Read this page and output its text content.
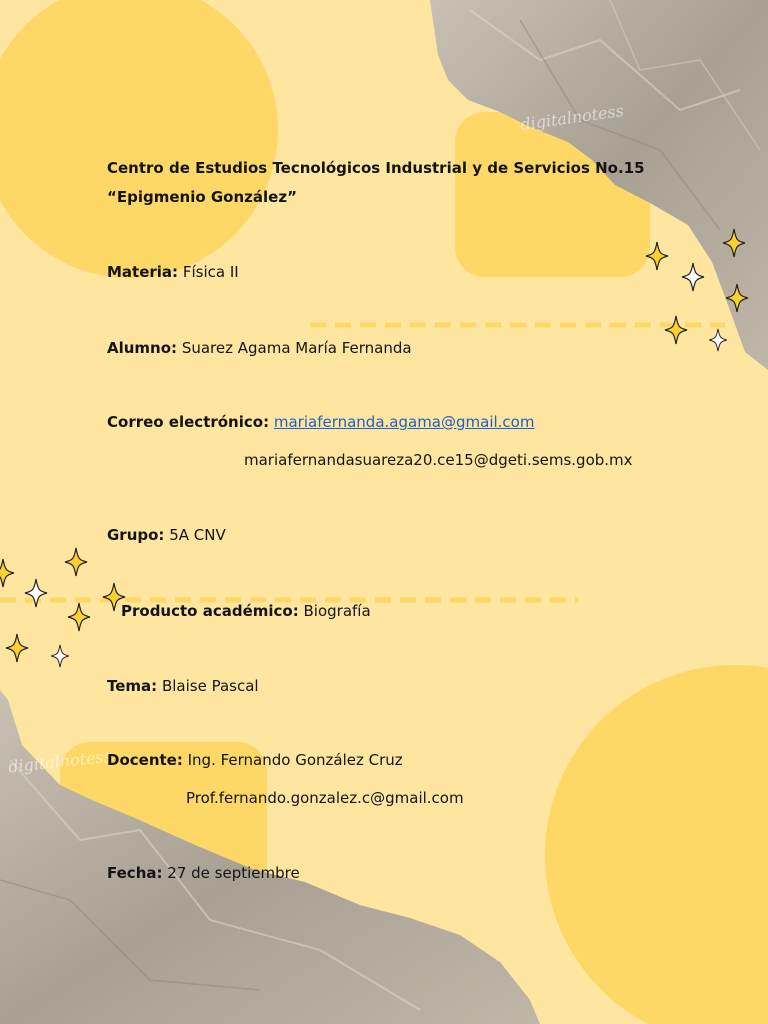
digitalnotess
digitalnotess
Centro de Estudios Tecnológicos Industrial y de Servicios No.15
“Epigmenio González”
Materia: Física II
Alumno: Suarez Agama María Fernanda
Correo electrónico: mariafernanda.agama@gmail.com
mariafernandasuareza20.ce15@dgeti.sems.gob.mx
Grupo: 5A CNV
Producto académico: Biografía
Tema: Blaise Pascal
Docente: Ing. Fernando González Cruz
Prof.fernando.gonzalez.c@gmail.com
Fecha: 27 de septiembre
